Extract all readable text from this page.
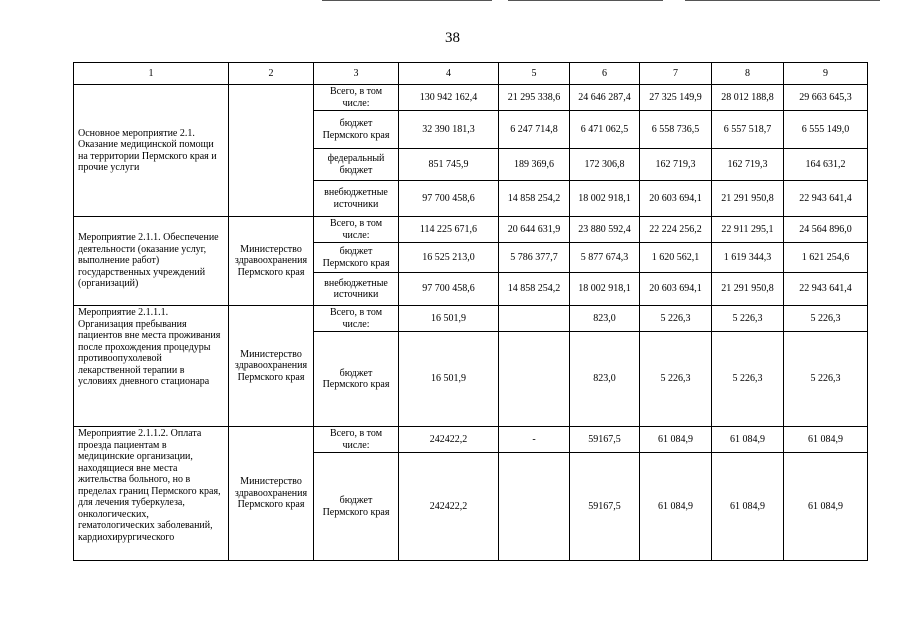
38
1	2	3	4	5	6	7	8	9
Основное мероприятие 2.1. Оказание медицинской помощи на территории Пермского края и прочие услуги		Всего, в том числе:	130 942 162,4	21 295 338,6	24 646 287,4	27 325 149,9	28 012 188,8	29 663 645,3
		бюджет Пермского края	32 390 181,3	6 247 714,8	6 471 062,5	6 558 736,5	6 557 518,7	6 555 149,0
		федеральный бюджет	851 745,9	189 369,6	172 306,8	162 719,3	162 719,3	164 631,2
		внебюджетные источники	97 700 458,6	14 858 254,2	18 002 918,1	20 603 694,1	21 291 950,8	22 943 641,4
Мероприятие 2.1.1. Обеспечение деятельности (оказание услуг, выполнение работ) государственных учреждений (организаций)	Министерство здравоохранения Пермского края	Всего, в том числе:	114 225 671,6	20 644 631,9	23 880 592,4	22 224 256,2	22 911 295,1	24 564 896,0
		бюджет Пермского края	16 525 213,0	5 786 377,7	5 877 674,3	1 620 562,1	1 619 344,3	1 621 254,6
		внебюджетные источники	97 700 458,6	14 858 254,2	18 002 918,1	20 603 694,1	21 291 950,8	22 943 641,4
Мероприятие 2.1.1.1. Организация пребывания пациентов вне места проживания после прохождения процедуры противоопухолевой лекарственной терапии в условиях дневного стационара	Министерство здравоохранения Пермского края	Всего, в том числе:	16 501,9		823,0	5 226,3	5 226,3	5 226,3
		бюджет Пермского края	16 501,9		823,0	5 226,3	5 226,3	5 226,3
Мероприятие 2.1.1.2. Оплата проезда пациентам в медицинские организации, находящиеся вне места жительства больного, но в пределах границ Пермского края, для лечения туберкулеза, онкологических, гематологических заболеваний, кардиохирургического	Министерство здравоохранения Пермского края	Всего, в том числе:	242422,2	-	59167,5	61 084,9	61 084,9	61 084,9
		бюджет Пермского края	242422,2		59167,5	61 084,9	61 084,9	61 084,9
